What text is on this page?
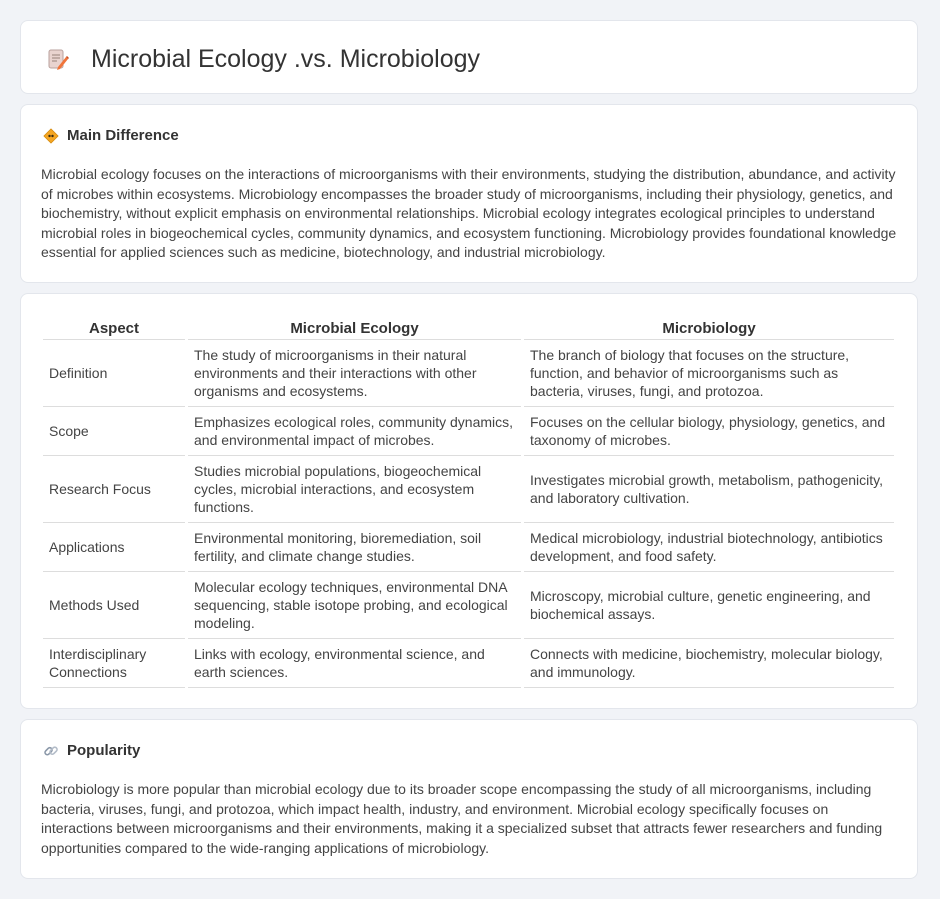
Microbial Ecology .vs. Microbiology
Main Difference

Microbial ecology focuses on the interactions of microorganisms with their environments, studying the distribution, abundance, and activity of microbes within ecosystems. Microbiology encompasses the broader study of microorganisms, including their physiology, genetics, and biochemistry, without explicit emphasis on environmental relationships. Microbial ecology integrates ecological principles to understand microbial roles in biogeochemical cycles, community dynamics, and ecosystem functioning. Microbiology provides foundational knowledge essential for applied sciences such as medicine, biotechnology, and industrial microbiology.

Aspect	Microbial Ecology	Microbiology
Definition	The study of microorganisms in their natural environments and their interactions with other organisms and ecosystems.	The branch of biology that focuses on the structure, function, and behavior of microorganisms such as bacteria, viruses, fungi, and protozoa.
Scope	Emphasizes ecological roles, community dynamics, and environmental impact of microbes.	Focuses on the cellular biology, physiology, genetics, and taxonomy of microbes.
Research Focus	Studies microbial populations, biogeochemical cycles, microbial interactions, and ecosystem functions.	Investigates microbial growth, metabolism, pathogenicity, and laboratory cultivation.
Applications	Environmental monitoring, bioremediation, soil fertility, and climate change studies.	Medical microbiology, industrial biotechnology, antibiotics development, and food safety.
Methods Used	Molecular ecology techniques, environmental DNA sequencing, stable isotope probing, and ecological modeling.	Microscopy, microbial culture, genetic engineering, and biochemical assays.
Interdisciplinary Connections	Links with ecology, environmental science, and earth sciences.	Connects with medicine, biochemistry, molecular biology, and immunology.
Popularity

Microbiology is more popular than microbial ecology due to its broader scope encompassing the study of all microorganisms, including bacteria, viruses, fungi, and protozoa, which impact health, industry, and environment. Microbial ecology specifically focuses on interactions between microorganisms and their environments, making it a specialized subset that attracts fewer researchers and funding opportunities compared to the wide-ranging applications of microbiology.
